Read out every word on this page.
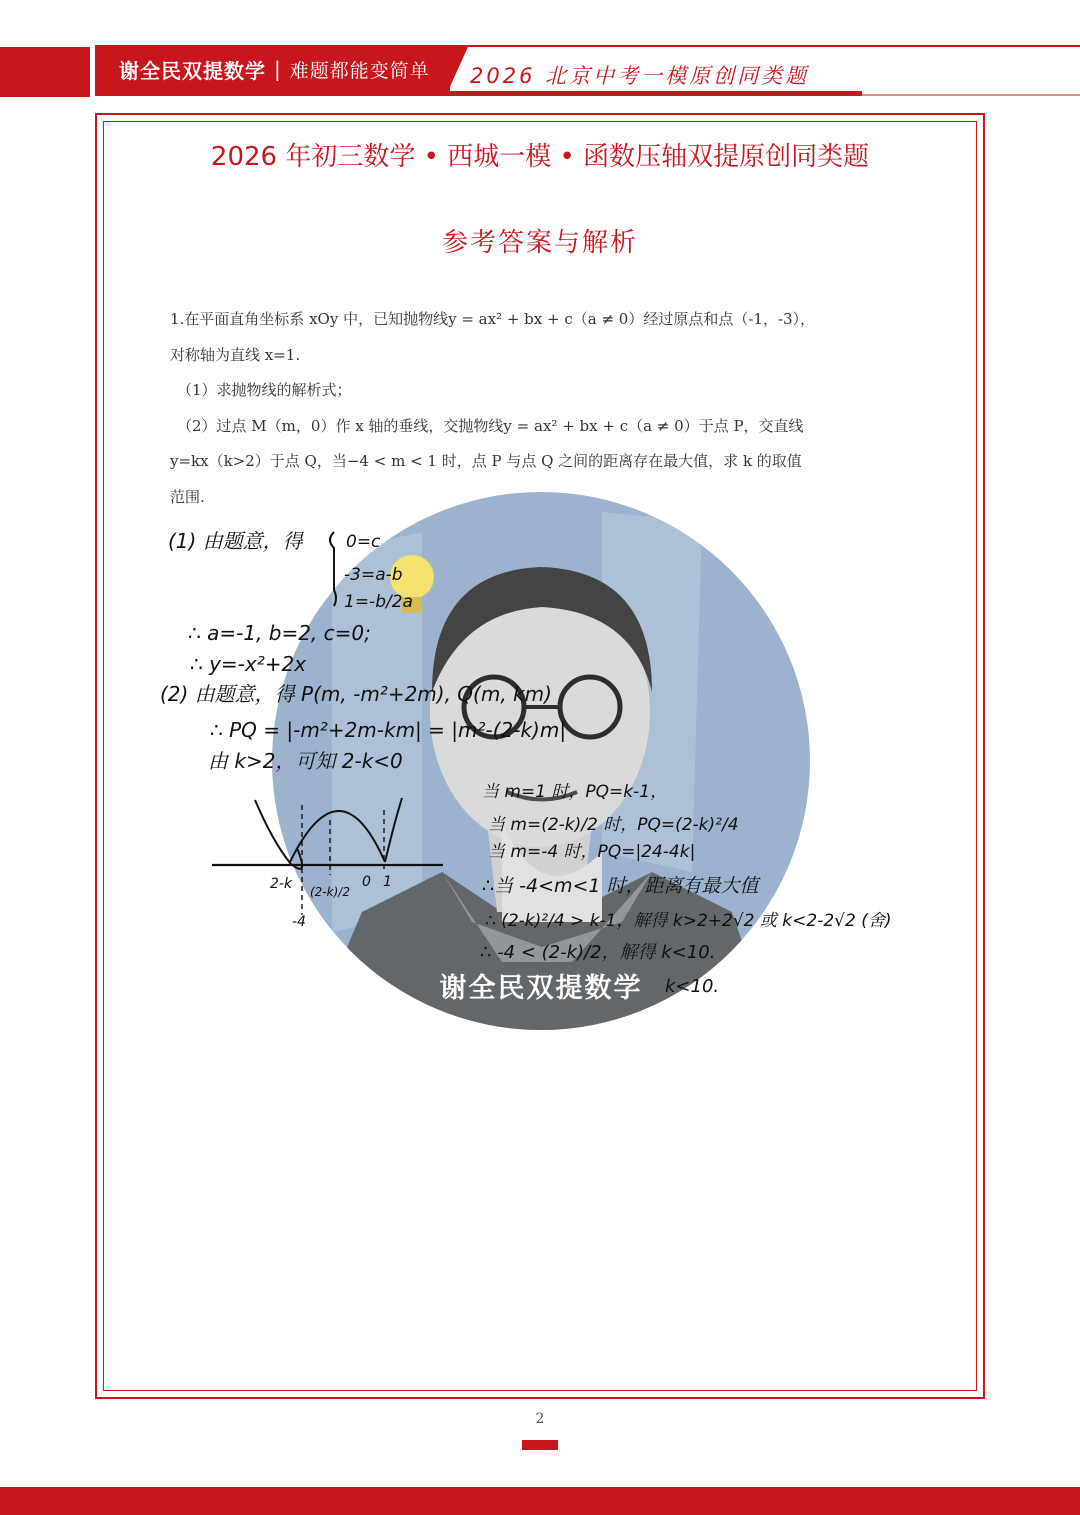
谢全民双提数学 | 难题都能变简单 2026 北京中考一模原创同类题
2026 年初三数学 • 西城一模 • 函数压轴双提原创同类题
参考答案与解析
谢全民双提数学

1.在平面直角坐标系 xOy 中，已知抛物线y = ax² + bx + c（a ≠ 0）经过原点和点（-1，-3），

对称轴为直线 x=1.

（1）求抛物线的解析式；

（2）过点 M（m，0）作 x 轴的垂线，交抛物线y = ax² + bx + c（a ≠ 0）于点 P，交直线

y=kx（k>2）于点 Q，当−4 < m < 1 时，点 P 与点 Q 之间的距离存在最大值，求 k 的取值

范围.

(1) 由题意，得	0=c
-3=a-b
1=-b/2a
∴ a=-1, b=2, c=0;
∴ y=-x²+2x
(2) 由题意，得 P(m, -m²+2m), Q(m, km)
∴ PQ = |-m²+2m-km| = |m²-(2-k)m|
由 k>2，可知 2-k<0
当 m=1 时，PQ=k-1，
当 m=(2-k)/2 时，PQ=(2-k)²/4
当 m=-4 时，PQ=|24-4k|
∴当 -4<m<1 时，距离有最大值
∴ (2-k)²/4 > k-1，解得 k>2+2√2 或 k<2-2√2 (舍)
∴ -4 < (2-k)/2，解得 k<10.
k<10.
2-k (2-k)/2
0 1
-4
2
